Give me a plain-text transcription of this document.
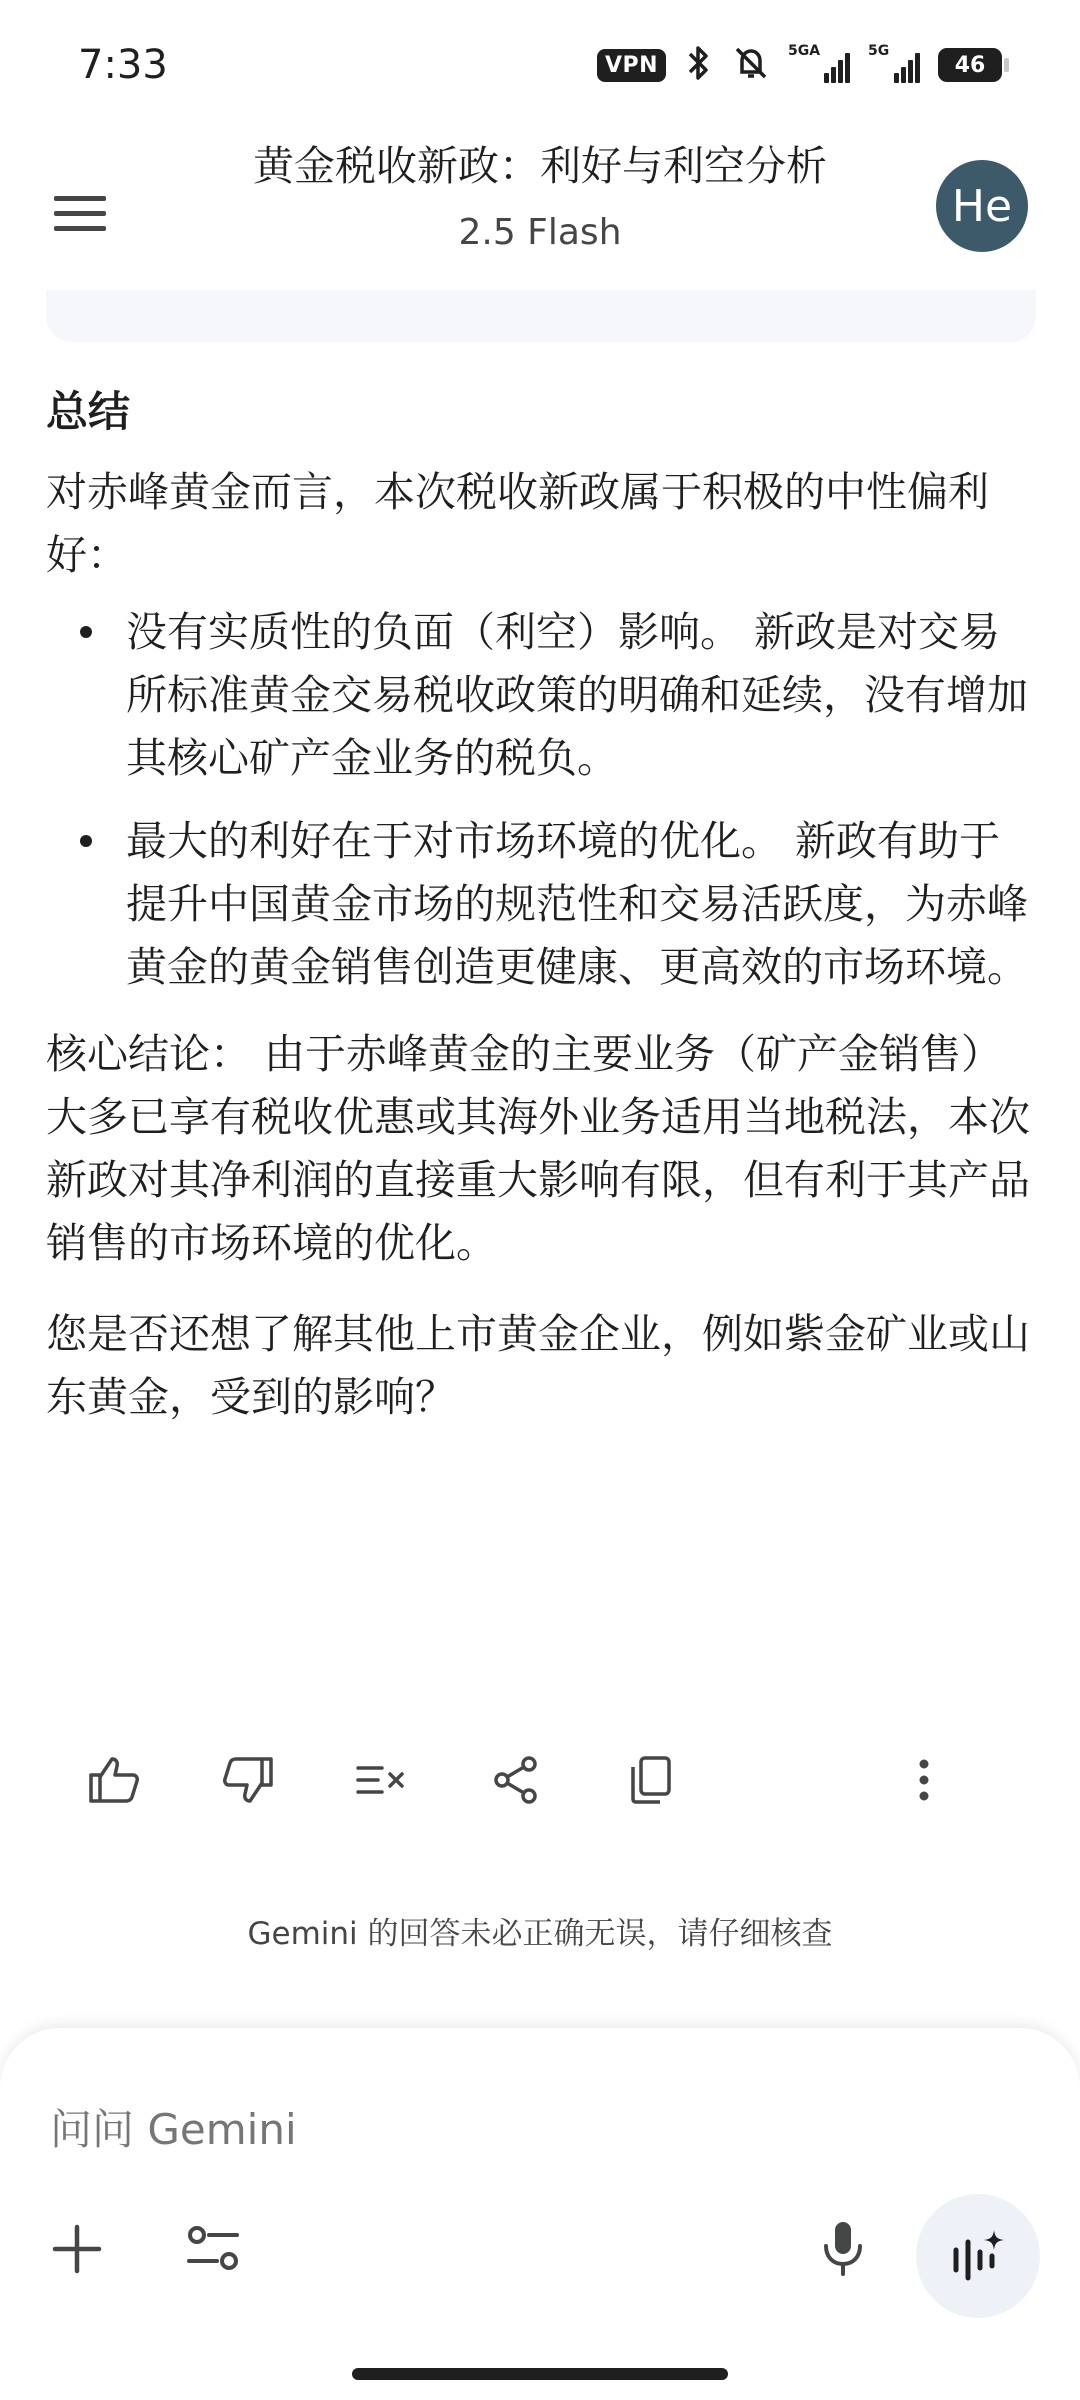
7:33	VPN
5GA	5G
46
黄金税收新政：利好与利空分析
2.5 Flash
He
总结
对赤峰黄金而言，本次税收新政属于积极的中性偏利好：
没有实质性的负面（利空）影响。 新政是对交易所标准黄金交易税收政策的明确和延续，没有增加其核心矿产金业务的税负。
最大的利好在于对市场环境的优化。 新政有助于提升中国黄金市场的规范性和交易活跃度，为赤峰黄金的黄金销售创造更健康、更高效的市场环境。
核心结论： 由于赤峰黄金的主要业务（矿产金销售）大多已享有税收优惠或其海外业务适用当地税法，本次新政对其净利润的直接重大影响有限，但有利于其产品销售的市场环境的优化。
您是否还想了解其他上市黄金企业，例如紫金矿业或山东黄金，受到的影响？
Gemini 的回答未必正确无误，请仔细核查
问问 Gemini
